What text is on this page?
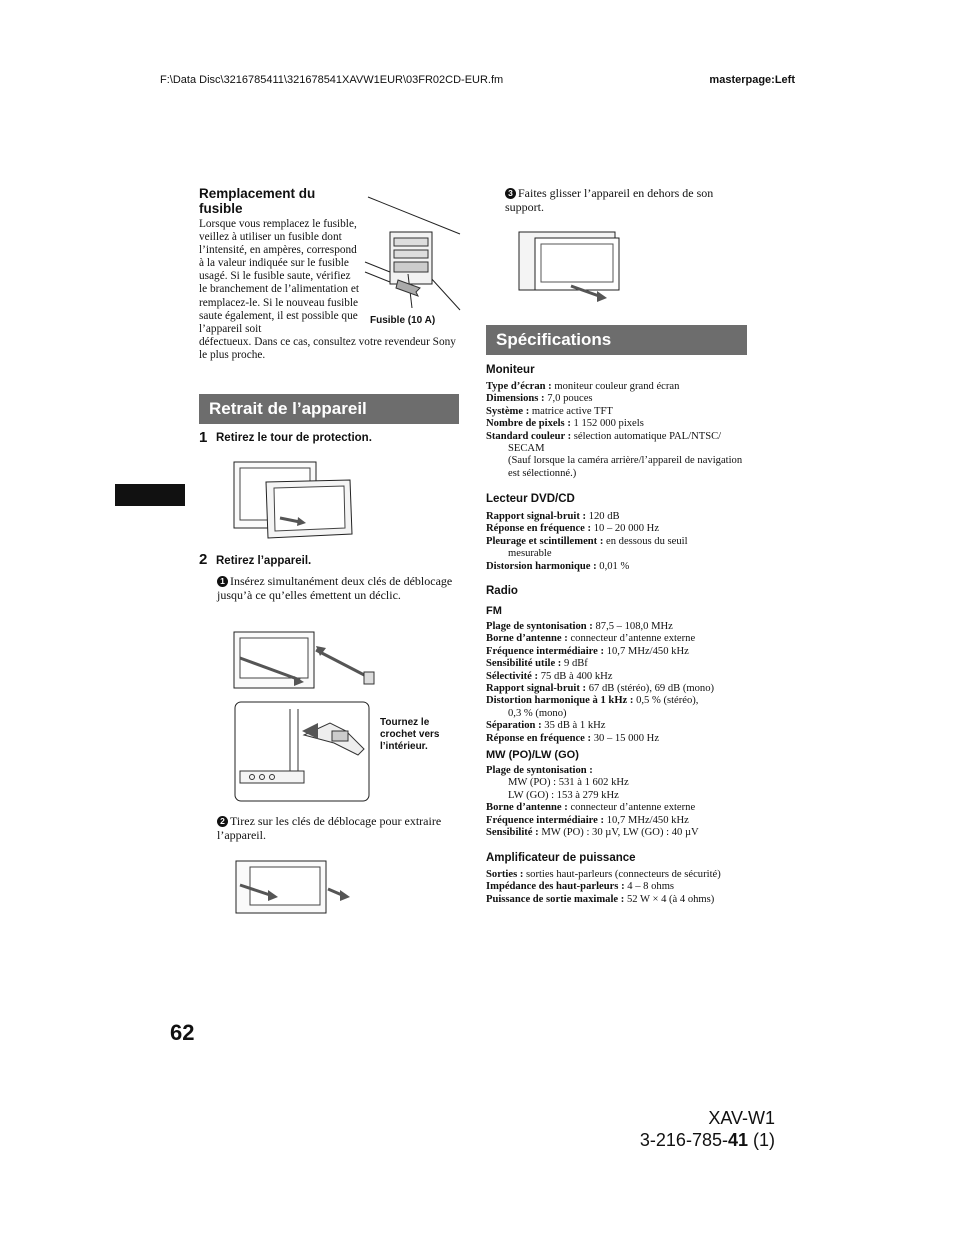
F:\Data Disc\3216785411\321678541XAVW1EUR\03FR02CD-EUR.fm	masterpage:Left
Remplacement du fusible
Lorsque vous remplacez le fusible, veillez à utiliser un fusible dont l’intensité, en ampères, correspond à la valeur indiquée sur le fusible usagé. Si le fusible saute, vérifiez le branchement de l’alimentation et remplacez-le. Si le nouveau fusible saute également, il est possible que l’appareil soit
défectueux. Dans ce cas, consultez votre revendeur Sony le plus proche.
Fusible (10 A)
Retrait de l’appareil
1 Retirez le tour de protection.
2 Retirez l’appareil.
1 Insérez simultanément deux clés de déblocage jusqu’à ce qu’elles émettent un déclic.
Tournez le crochet vers l’intérieur.
2 Tirez sur les clés de déblocage pour extraire l’appareil.
3 Faites glisser l’appareil en dehors de son support.
Spécifications
Moniteur
Type d’écran : moniteur couleur grand écran
Dimensions : 7,0 pouces
Système : matrice active TFT
Nombre de pixels : 1 152 000 pixels
Standard couleur : sélection automatique PAL/NTSC/
SECAM
(Sauf lorsque la caméra arrière/l’appareil de navigation est sélectionné.)
Lecteur DVD/CD
Rapport signal-bruit : 120 dB
Réponse en fréquence : 10 – 20 000 Hz
Pleurage et scintillement : en dessous du seuil
mesurable
Distorsion harmonique : 0,01 %
Radio
FM
Plage de syntonisation : 87,5 – 108,0 MHz
Borne d’antenne : connecteur d’antenne externe
Fréquence intermédiaire : 10,7 MHz/450 kHz
Sensibilité utile : 9 dBf
Sélectivité : 75 dB à 400 kHz
Rapport signal-bruit : 67 dB (stéréo), 69 dB (mono)
Distortion harmonique à 1 kHz : 0,5 % (stéréo),
0,3 % (mono)
Séparation : 35 dB à 1 kHz
Réponse en fréquence : 30 – 15 000 Hz
MW (PO)/LW (GO)
Plage de syntonisation :
MW (PO) : 531 à 1 602 kHz
LW (GO) : 153 à 279 kHz
Borne d’antenne : connecteur d’antenne externe
Fréquence intermédiaire : 10,7 MHz/450 kHz
Sensibilité : MW (PO) : 30 µV, LW (GO) : 40 µV
Amplificateur de puissance
Sorties : sorties haut-parleurs (connecteurs de sécurité)
Impédance des haut-parleurs : 4 – 8 ohms
Puissance de sortie maximale : 52 W × 4 (à 4 ohms)
62
XAV-W1
3-216-785-41 (1)
